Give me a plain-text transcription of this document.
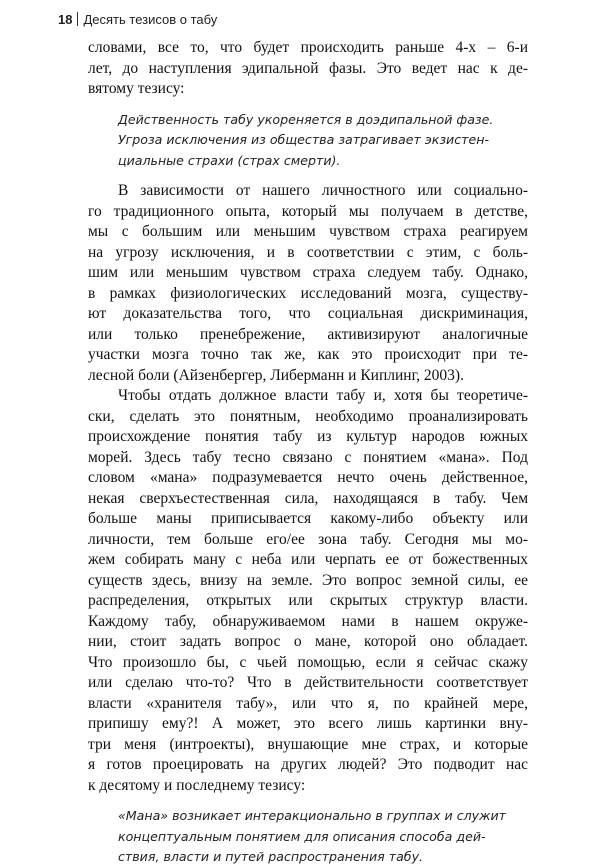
18 Десять тезисов о табу
словами, все то, что будет происходить раньше 4-х – 6-и
лет, до наступления эдипальной фазы. Это ведет нас к де-
вятому тезису:
Действенность табу укореняется в доэдипальной фазе.
Угроза исключения из общества затрагивает экзистен-
циальные страхи (страх смерти).
В зависимости от нашего личностного или социально-
го традиционного опыта, который мы получаем в детстве,
мы с большим или меньшим чувством страха реагируем
на угрозу исключения, и в соответствии с этим, с боль-
шим или меньшим чувством страха следуем табу. Однако,
в рамках физиологических исследований мозга, существу-
ют доказательства того, что социальная дискриминация,
или только пренебрежение, активизируют аналогичные
участки мозга точно так же, как это происходит при те-
лесной боли (Айзенбергер, Либерманн и Киплинг, 2003).
Чтобы отдать должное власти табу и, хотя бы теоретиче-
ски, сделать это понятным, необходимо проанализировать
происхождение понятия табу из культур народов южных
морей. Здесь табу тесно связано с понятием «мана». Под
словом «мана» подразумевается нечто очень действенное,
некая сверхъестественная сила, находящаяся в табу. Чем
больше маны приписывается какому-либо объекту или
личности, тем больше его/ее зона табу. Сегодня мы мо-
жем собирать ману с неба или черпать ее от божественных
существ здесь, внизу на земле. Это вопрос земной силы, ее
распределения, открытых или скрытых структур власти.
Каждому табу, обнаруживаемом нами в нашем окруже-
нии, стоит задать вопрос о мане, которой оно обладает.
Что произошло бы, с чьей помощью, если я сейчас скажу
или сделаю что-то? Что в действительности соответствует
власти «хранителя табу», или что я, по крайней мере,
припишу ему?! А может, это всего лишь картинки вну-
три меня (интроекты), внушающие мне страх, и которые
я готов проецировать на других людей? Это подводит нас
к десятому и последнему тезису:
«Мана» возникает интеракционально в группах и служит
концептуальным понятием для описания способа дей-
ствия, власти и путей распространения табу.
